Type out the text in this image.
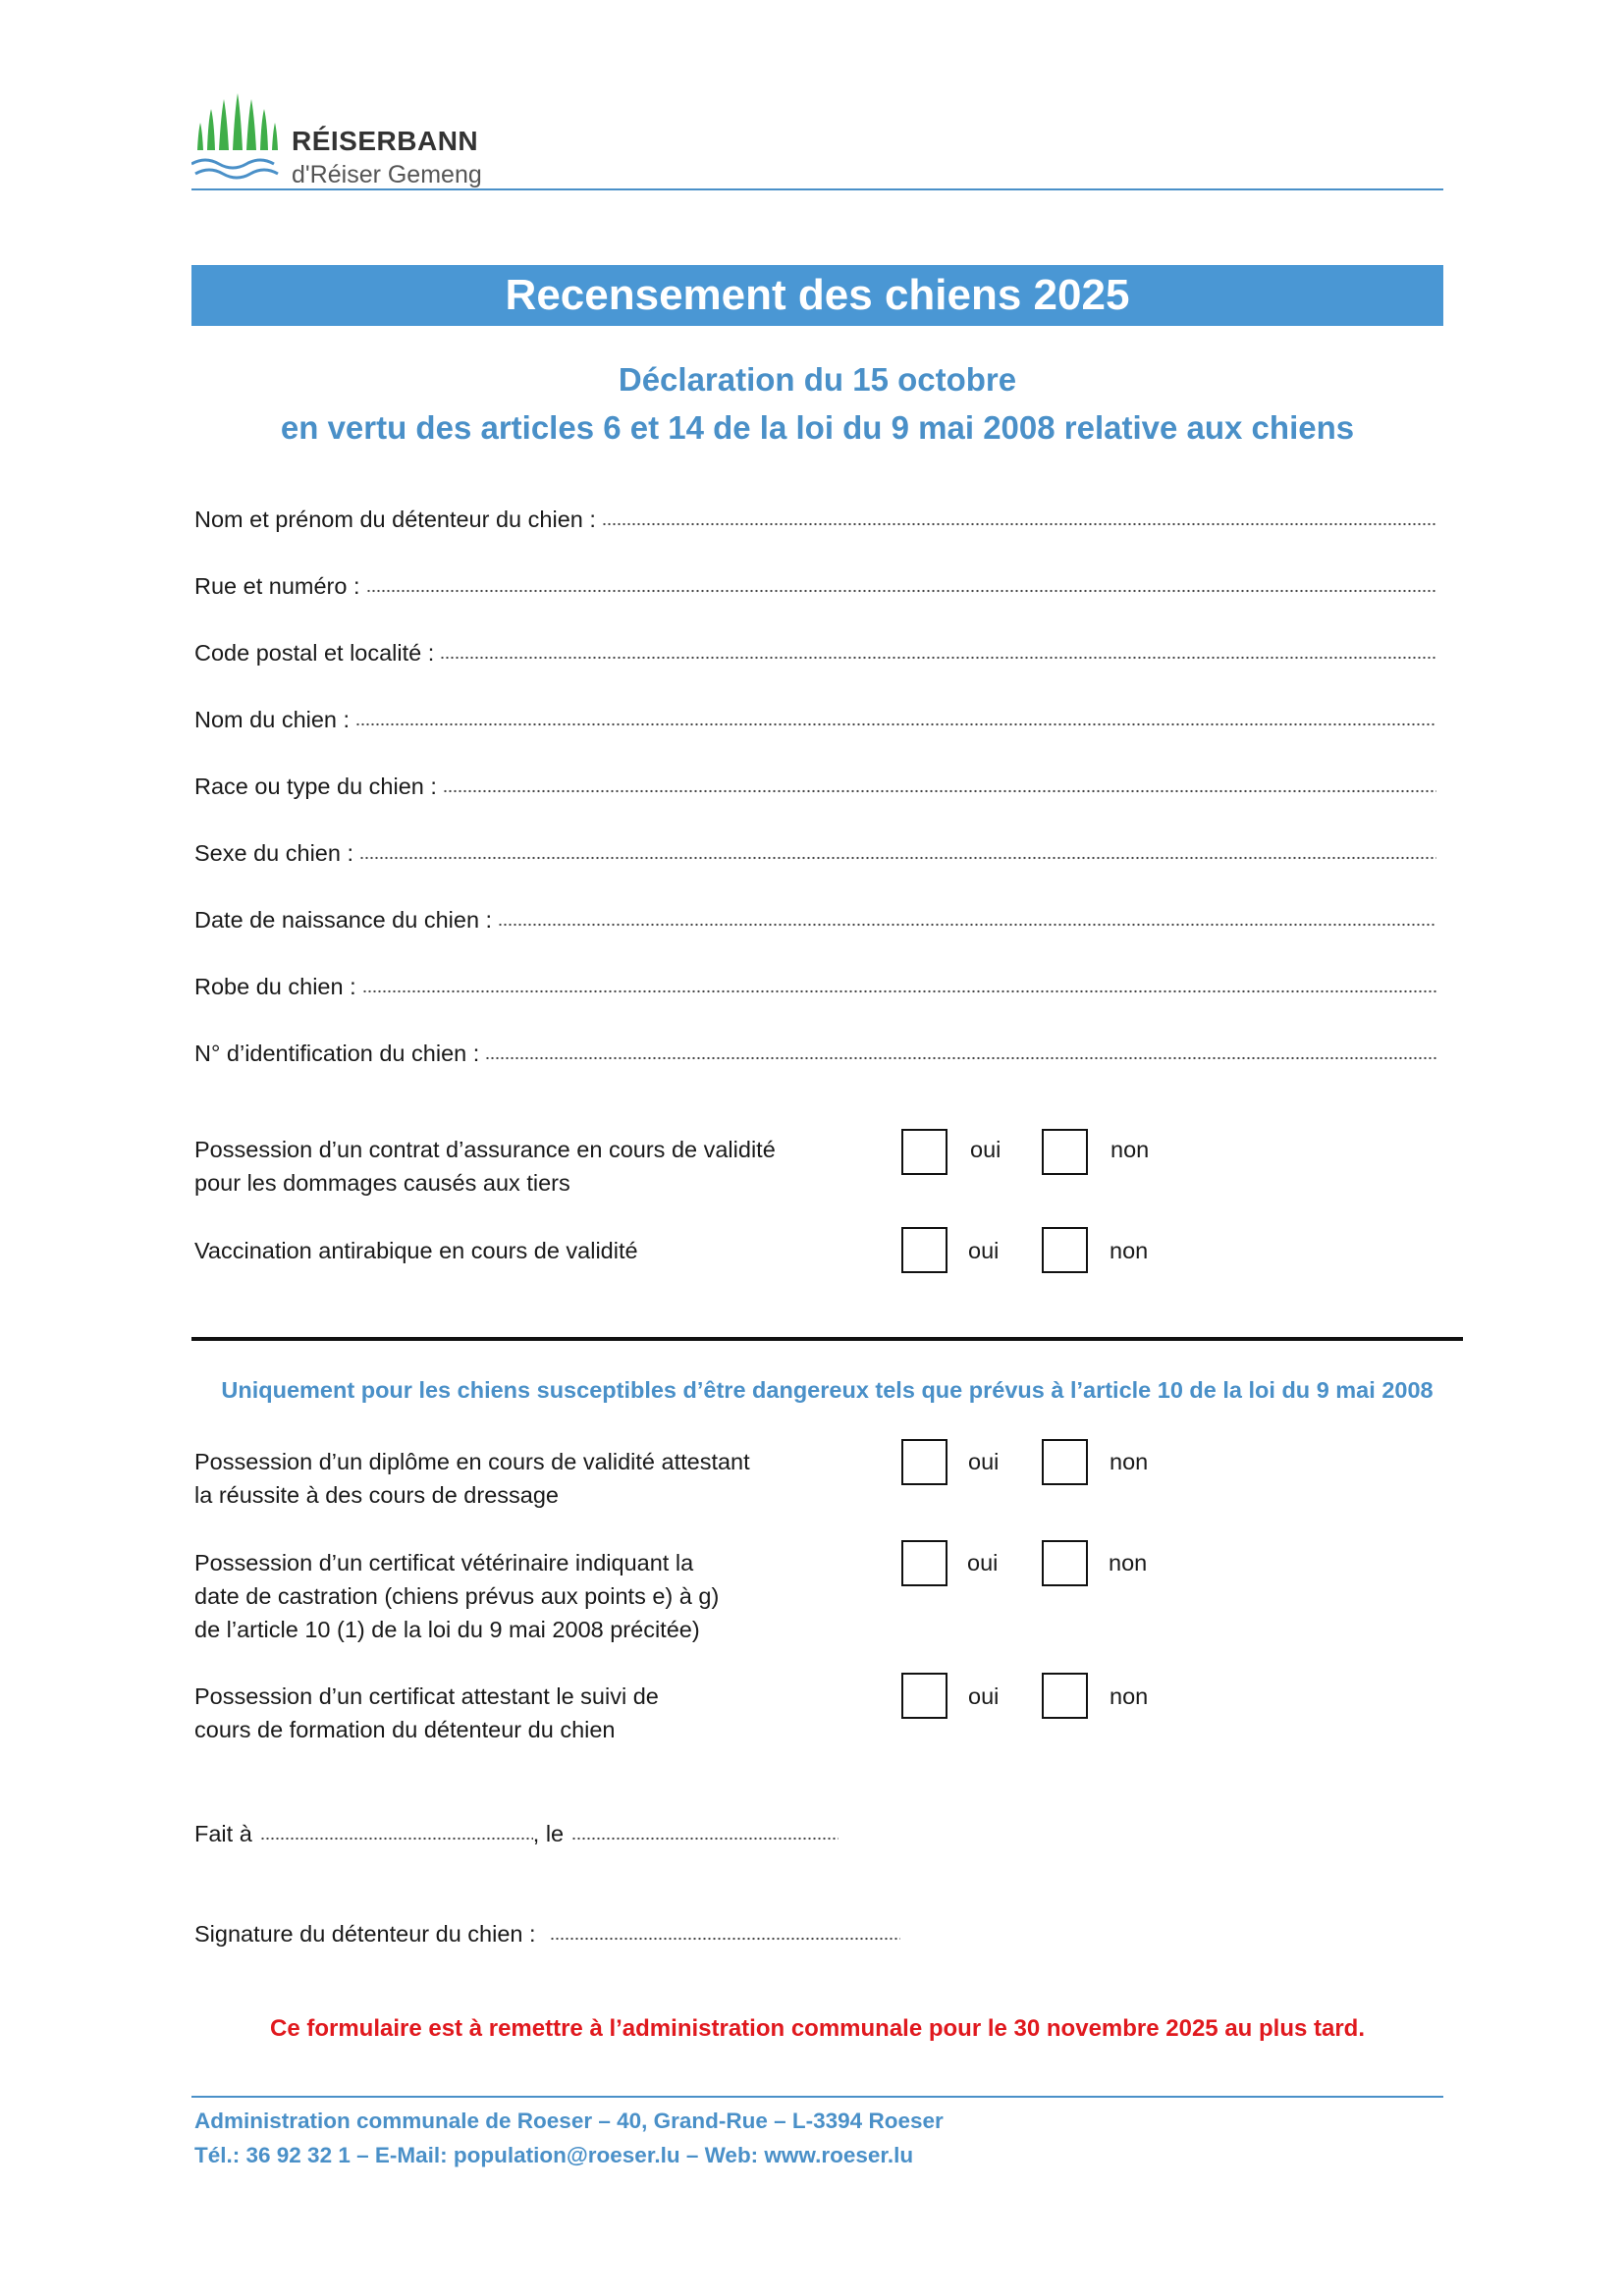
RÉISERBANN
d'Réiser Gemeng
Recensement des chiens 2025
Déclaration du 15 octobre
en vertu des articles 6 et 14 de la loi du 9 mai 2008 relative aux chiens
Nom et prénom du détenteur du chien :
Rue et numéro :
Code postal et localité :
Nom du chien :
Race ou type du chien :
Sexe du chien :
Date de naissance du chien :
Robe du chien :
N° d’identification du chien :
Possession d’un contrat d’assurance en cours de validité
pour les dommages causés aux tiers
oui	non
Vaccination antirabique en cours de validité	oui	non
Uniquement pour les chiens susceptibles d’être dangereux tels que prévus à l’article 10 de la loi du 9 mai 2008
Possession d’un diplôme en cours de validité attestant
la réussite à des cours de dressage
oui	non
Possession d’un certificat vétérinaire indiquant la
date de castration (chiens prévus aux points e) à g)
de l’article 10 (1) de la loi du 9 mai 2008 précitée)
oui	non
Possession d’un certificat attestant le suivi de
cours de formation du détenteur du chien
oui	non
Fait à	, le
Signature du détenteur du chien :
Ce formulaire est à remettre à l’administration communale pour le 30 novembre 2025 au plus tard.
Administration communale de Roeser – 40, Grand-Rue – L-3394 Roeser
Tél.: 36 92 32 1 – E-Mail: population@roeser.lu – Web: www.roeser.lu
